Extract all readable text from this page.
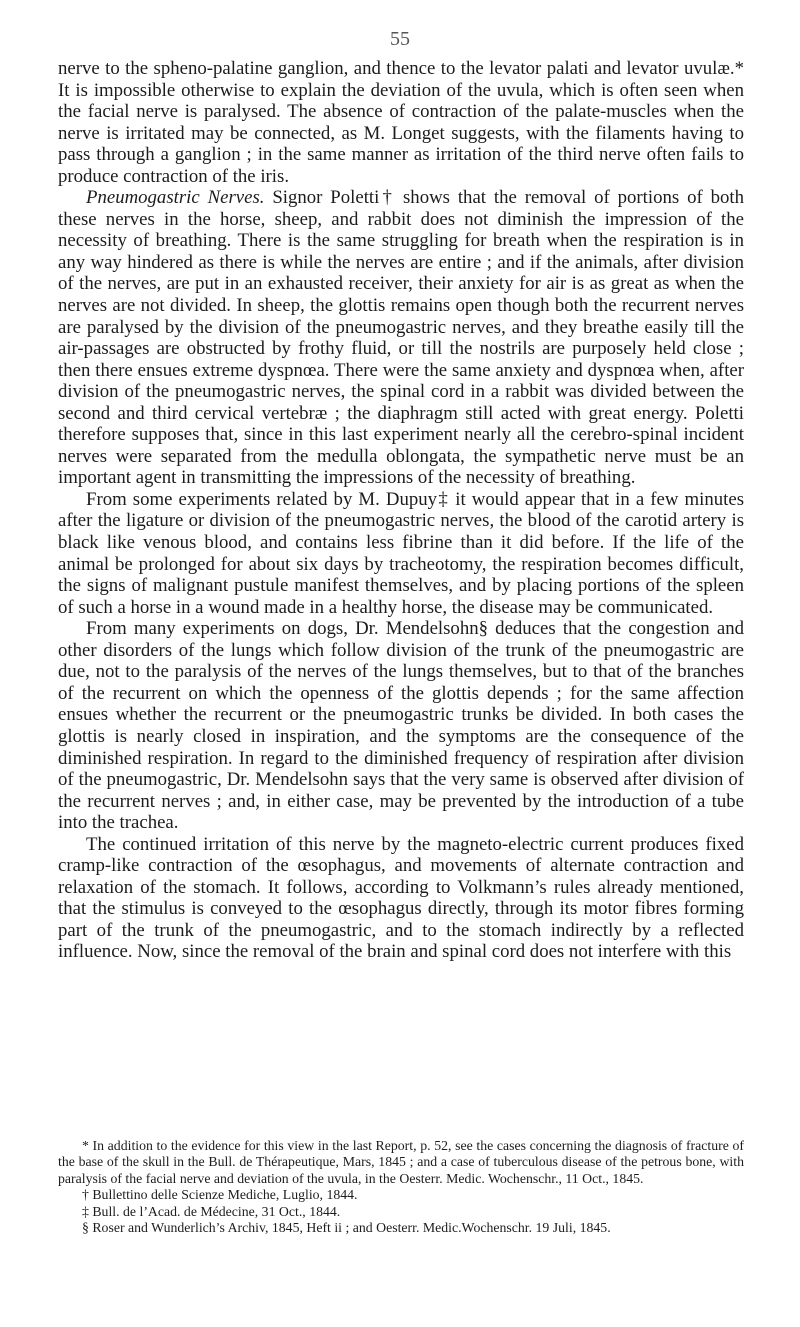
55

nerve to the spheno-palatine ganglion, and thence to the levator palati and levator uvulæ.* It is impossible otherwise to explain the deviation of the uvula, which is often seen when the facial nerve is paralysed. The absence of contraction of the palate-muscles when the nerve is irritated may be connected, as M. Longet suggests, with the filaments having to pass through a ganglion ; in the same manner as irritation of the third nerve often fails to produce contraction of the iris.

Pneumogastric Nerves. Signor Poletti† shows that the removal of portions of both these nerves in the horse, sheep, and rabbit does not diminish the impression of the necessity of breathing. There is the same struggling for breath when the respiration is in any way hindered as there is while the nerves are entire ; and if the animals, after division of the nerves, are put in an exhausted receiver, their anxiety for air is as great as when the nerves are not divided. In sheep, the glottis remains open though both the recurrent nerves are paralysed by the division of the pneumogastric nerves, and they breathe easily till the air-passages are obstructed by frothy fluid, or till the nostrils are purposely held close ; then there ensues extreme dyspnœa. There were the same anxiety and dyspnœa when, after division of the pneumogastric nerves, the spinal cord in a rabbit was divided between the second and third cervical vertebræ ; the diaphragm still acted with great energy. Poletti therefore supposes that, since in this last experiment nearly all the cerebro-spinal incident nerves were separated from the medulla oblongata, the sympathetic nerve must be an important agent in transmitting the impressions of the necessity of breathing.

From some experiments related by M. Dupuy‡ it would appear that in a few minutes after the ligature or division of the pneumogastric nerves, the blood of the carotid artery is black like venous blood, and contains less fibrine than it did before. If the life of the animal be prolonged for about six days by tracheotomy, the respiration becomes difficult, the signs of malignant pustule manifest themselves, and by placing portions of the spleen of such a horse in a wound made in a healthy horse, the disease may be communicated.

From many experiments on dogs, Dr. Mendelsohn§ deduces that the congestion and other disorders of the lungs which follow division of the trunk of the pneumogastric are due, not to the paralysis of the nerves of the lungs themselves, but to that of the branches of the recurrent on which the openness of the glottis depends ; for the same affection ensues whether the recurrent or the pneumogastric trunks be divided. In both cases the glottis is nearly closed in inspiration, and the symptoms are the consequence of the diminished respiration. In regard to the diminished frequency of respiration after division of the pneumogastric, Dr. Mendelsohn says that the very same is observed after division of the recurrent nerves ; and, in either case, may be prevented by the introduction of a tube into the trachea.

The continued irritation of this nerve by the magneto-electric current produces fixed cramp-like contraction of the œsophagus, and movements of alternate contraction and relaxation of the stomach. It follows, according to Volkmann’s rules already mentioned, that the stimulus is conveyed to the œsophagus directly, through its motor fibres forming part of the trunk of the pneumogastric, and to the stomach indirectly by a reflected influence. Now, since the removal of the brain and spinal cord does not interfere with this

* In addition to the evidence for this view in the last Report, p. 52, see the cases concerning the diagnosis of fracture of the base of the skull in the Bull. de Thérapeutique, Mars, 1845 ; and a case of tuberculous disease of the petrous bone, with paralysis of the facial nerve and deviation of the uvula, in the Oesterr. Medic. Wochenschr., 11 Oct., 1845.

† Bullettino delle Scienze Mediche, Luglio, 1844.

‡ Bull. de l’Acad. de Médecine, 31 Oct., 1844.

§ Roser and Wunderlich’s Archiv, 1845, Heft ii ; and Oesterr. Medic.Wochenschr. 19 Juli, 1845.
